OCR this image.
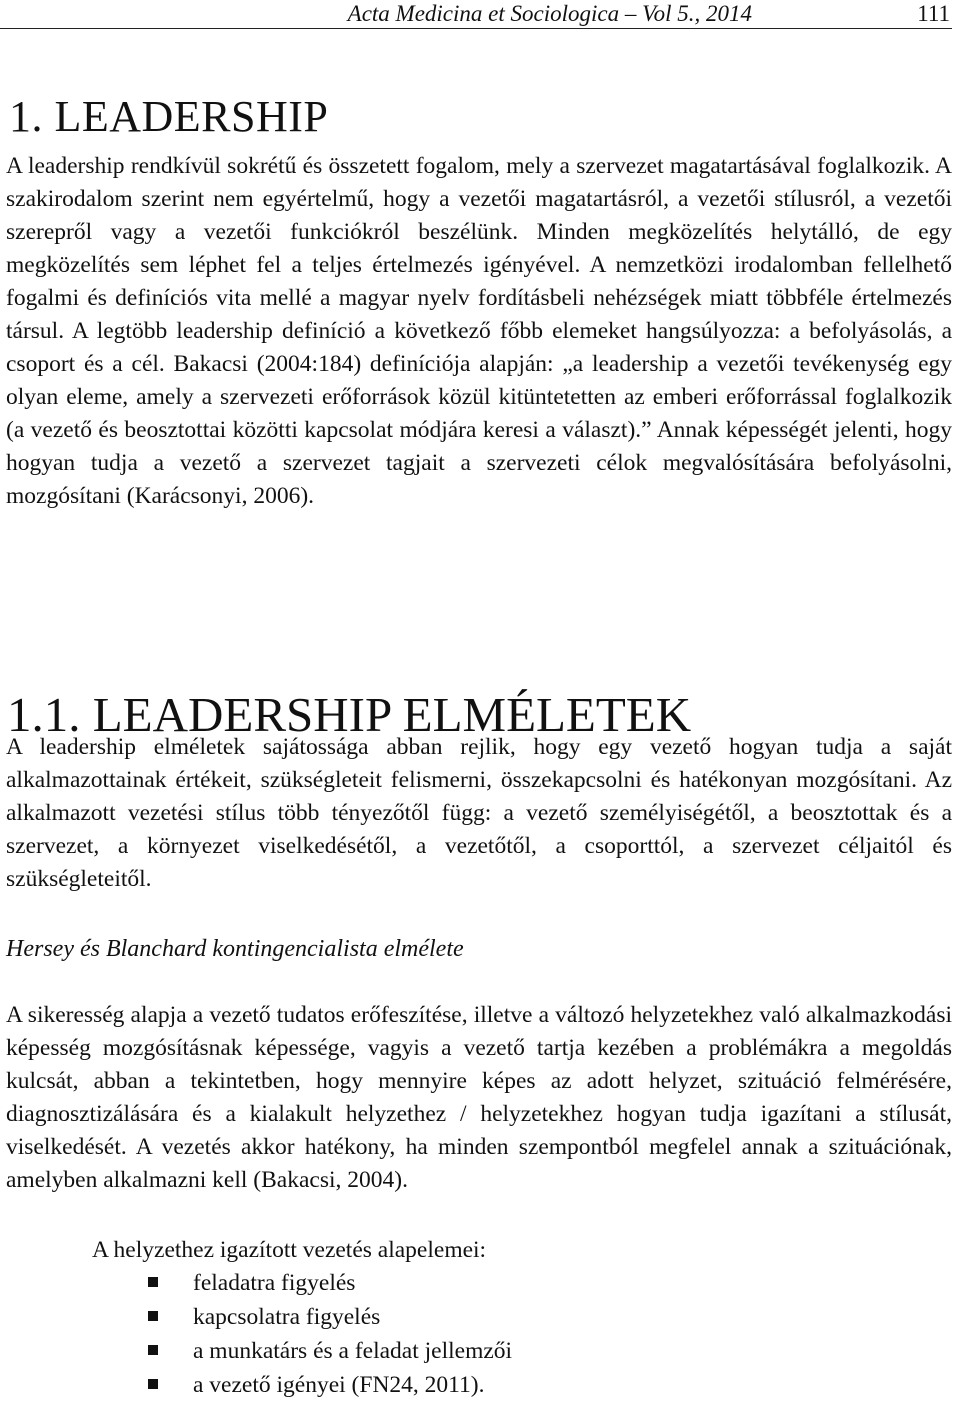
Acta Medicina et Sociologica – Vol 5., 2014	111
1. LEADERSHIP

A leadership rendkívül sokrétű és összetett fogalom, mely a szervezet magatartásával foglalkozik. A szakirodalom szerint nem egyértelmű, hogy a vezetői magatartásról, a vezetői stílusról, a vezetői szerepről vagy a vezetői funkciókról beszélünk. Minden megközelítés helytálló, de egy megközelítés sem léphet fel a teljes értelmezés igényével. A nemzetközi irodalomban fellelhető fogalmi és definíciós vita mellé a magyar nyelv fordításbeli nehézségek miatt többféle értelmezés társul. A legtöbb leadership definíció a következő főbb elemeket hangsúlyozza: a befolyásolás, a csoport és a cél. Bakacsi (2004:184) definíciója alapján: „a leadership a vezetői tevékenység egy olyan eleme, amely a szervezeti erőforrások közül kitüntetetten az emberi erőforrással foglalkozik (a vezető és beosztottai közötti kapcsolat módjára keresi a választ).” Annak képességét jelenti, hogy hogyan tudja a vezető a szervezet tagjait a szervezeti célok megvalósítására befolyásolni, mozgósítani (Karácsonyi, 2006).

1.1. LEADERSHIP ELMÉLETEK

A leadership elméletek sajátossága abban rejlik, hogy egy vezető hogyan tudja a saját alkalmazottainak értékeit, szükségleteit felismerni, összekapcsolni és hatékonyan mozgósítani. Az alkalmazott vezetési stílus több tényezőtől függ: a vezető személyiségétől, a beosztottak és a szervezet, a környezet viselkedésétől, a vezetőtől, a csoporttól, a szervezet céljaitól és szükségleteitől.

Hersey és Blanchard kontingencialista elmélete

A sikeresség alapja a vezető tudatos erőfeszítése, illetve a változó helyzetekhez való alkalmazkodási képesség mozgósításnak képessége, vagyis a vezető tartja kezében a problémákra a megoldás kulcsát, abban a tekintetben, hogy mennyire képes az adott helyzet, szituáció felmérésére, diagnosztizálására és a kialakult helyzethez / helyzetekhez hogyan tudja igazítani a stílusát, viselkedését. A vezetés akkor hatékony, ha minden szempontból megfelel annak a szituációnak, amelyben alkalmazni kell (Bakacsi, 2004).

A helyzethez igazított vezetés alapelemei:
feladatra figyelés
kapcsolatra figyelés
a munkatárs és a feladat jellemzői
a vezető igényei (FN24, 2011).
